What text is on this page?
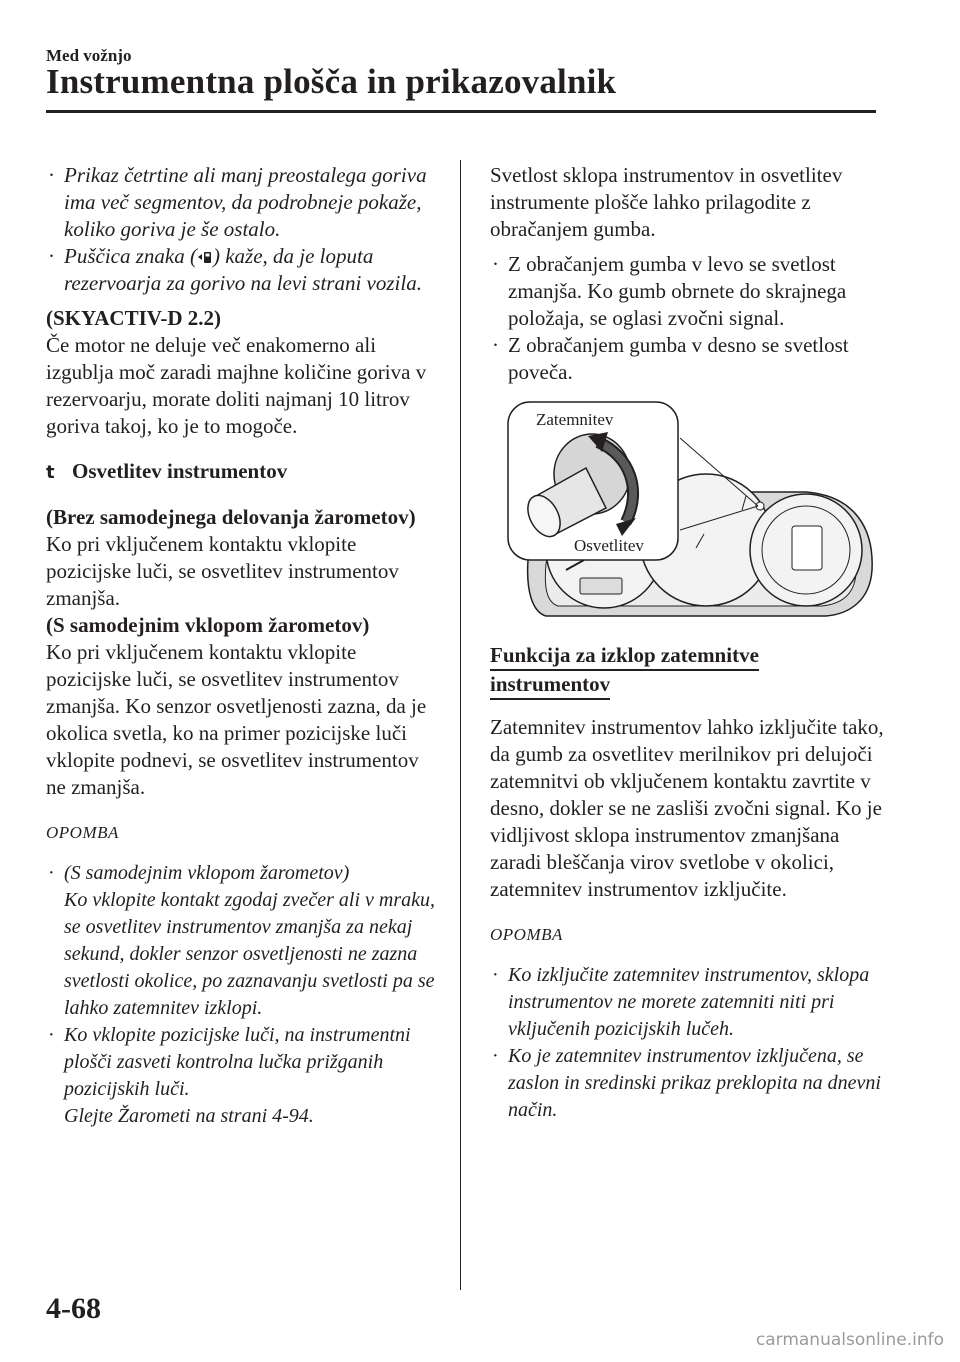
Med vožnjo
Instrumentna plošča in prikazovalnik

· Prikaz četrtine ali manj preostalega goriva ima več segmentov, da podrobneje pokaže, koliko goriva je še ostalo.

· Puščica znaka ( ) kaže, da je loputa rezervoarja za gorivo na levi strani vozila.

(SKYACTIV-D 2.2)

Če motor ne deluje več enakomerno ali izgublja moč zaradi majhne količine goriva v rezervoarju, morate doliti najmanj 10 litrov goriva takoj, ko je to mogoče.

t Osvetlitev instrumentov

(Brez samodejnega delovanja žarometov)

Ko pri vključenem kontaktu vklopite pozicijske luči, se osvetlitev instrumentov zmanjša.

(S samodejnim vklopom žarometov)

Ko pri vključenem kontaktu vklopite pozicijske luči, se osvetlitev instrumentov zmanjša. Ko senzor osvetljenosti zazna, da je okolica svetla, ko na primer pozicijske luči vklopite podnevi, se osvetlitev instrumentov ne zmanjša.

OPOMBA

· (S samodejnim vklopom žarometov)
Ko vklopite kontakt zgodaj zvečer ali v mraku, se osvetlitev instrumentov zmanjša za nekaj sekund, dokler senzor osvetljenosti ne zazna svetlosti okolice, po zaznavanju svetlosti pa se lahko zatemnitev izklopi.

· Ko vklopite pozicijske luči, na instrumentni plošči zasveti kontrolna lučka prižganih pozicijskih luči.
Glejte Žarometi na strani 4-94.

Svetlost sklopa instrumentov in osvetlitev instrumente plošče lahko prilagodite z obračanjem gumba.

· Z obračanjem gumba v levo se svetlost zmanjša. Ko gumb obrnete do skrajnega položaja, se oglasi zvočni signal.

· Z obračanjem gumba v desno se svetlost poveča.

Zatemnitev
Osvetlitev

Funkcija za izklop zatemnitve
instrumentov

Zatemnitev instrumentov lahko izključite tako, da gumb za osvetlitev merilnikov pri delujoči zatemnitvi ob vključenem kontaktu zavrtite v desno, dokler se ne zasliši zvočni signal. Ko je vidljivost sklopa instrumentov zmanjšana zaradi bleščanja virov svetlobe v okolici, zatemnitev instrumentov izključite.

OPOMBA

· Ko izključite zatemnitev instrumentov, sklopa instrumentov ne morete zatemniti niti pri vključenih pozicijskih lučeh.

· Ko je zatemnitev instrumentov izključena, se zaslon in sredinski prikaz preklopita na dnevni način.

4-68
carmanualsonline.info
